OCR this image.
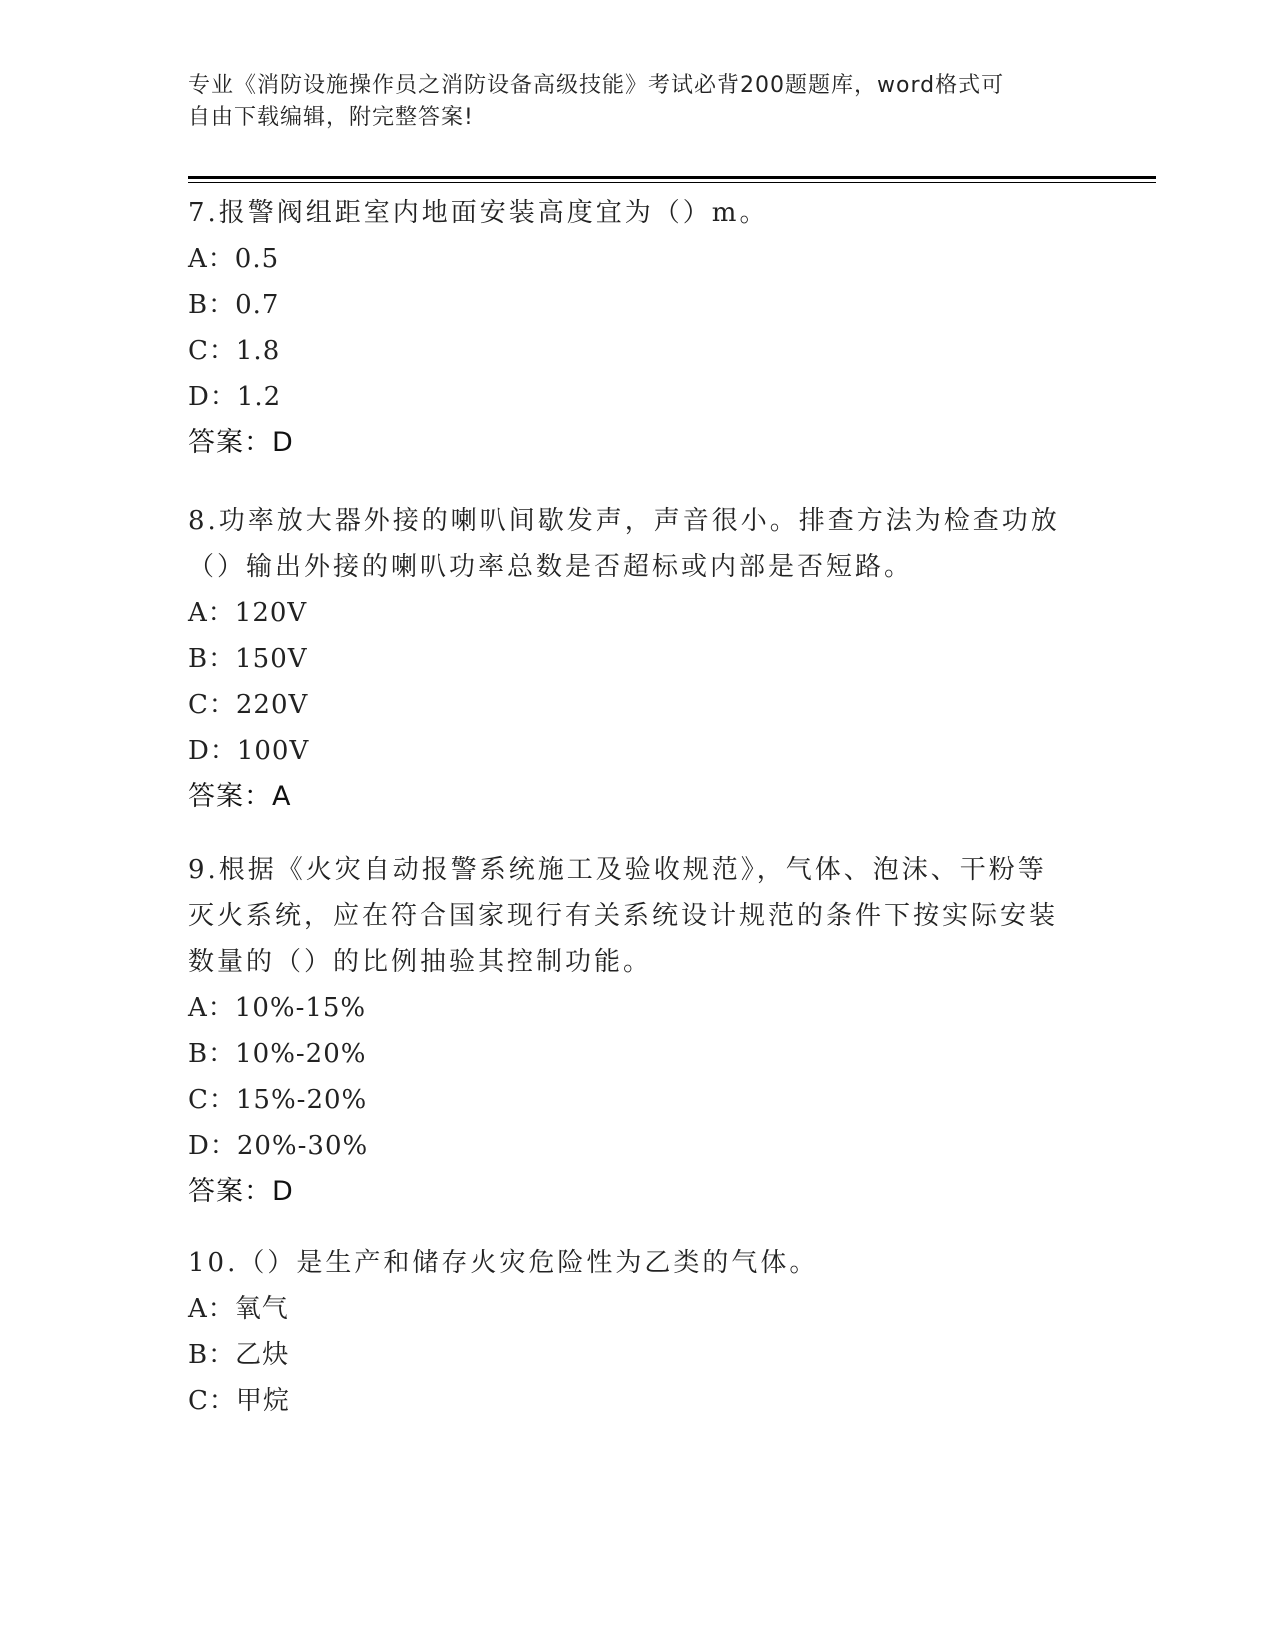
专业《消防设施操作员之消防设备高级技能》考试必背200题题库，word格式可
自由下载编辑，附完整答案!
7.报警阀组距室内地面安装高度宜为（）m。
A：0.5
B：0.7
C：1.8
D：1.2
答案：D
8.功率放大器外接的喇叭间歇发声，声音很小。排查方法为检查功放
（）输出外接的喇叭功率总数是否超标或内部是否短路。
A：120V
B：150V
C：220V
D：100V
答案：A
9.根据《火灾自动报警系统施工及验收规范》，气体、泡沫、干粉等
灭火系统，应在符合国家现行有关系统设计规范的条件下按实际安装
数量的（）的比例抽验其控制功能。
A：10%-15%
B：10%-20%
C：15%-20%
D：20%-30%
答案：D
10.（）是生产和储存火灾危险性为乙类的气体。
A：氧气
B：乙炔
C：甲烷
